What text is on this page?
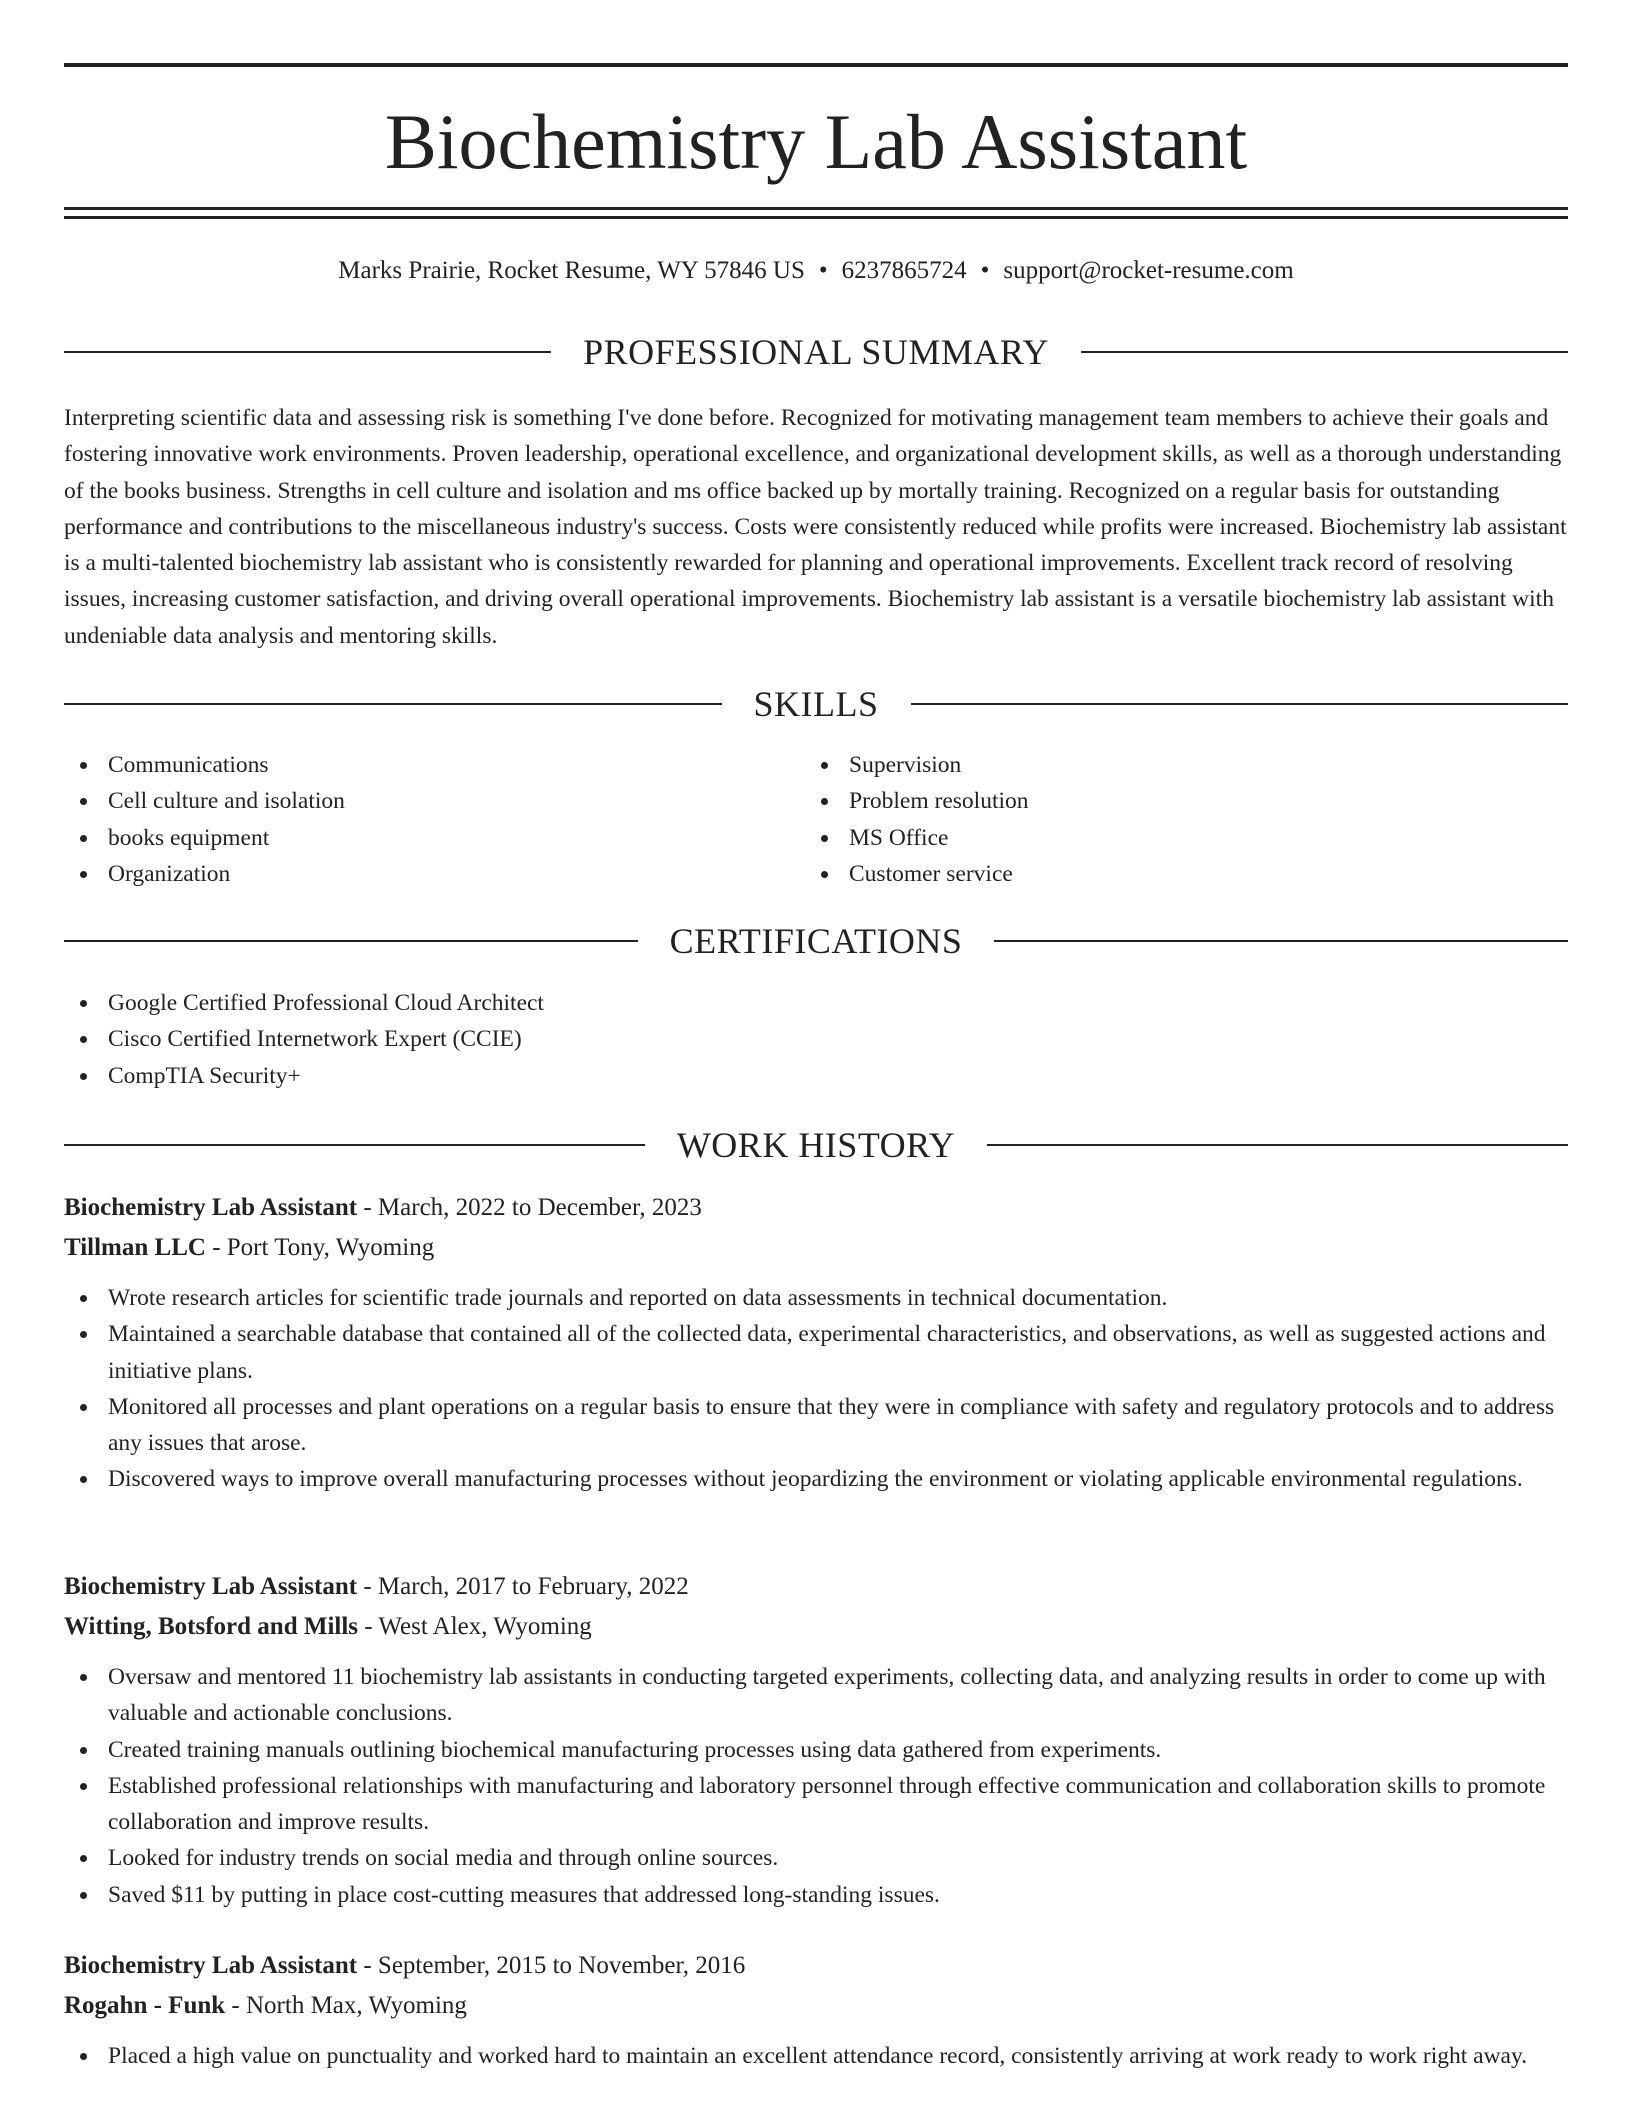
Biochemistry Lab Assistant
Marks Prairie, Rocket Resume, WY 57846 US • 6237865724 • support@rocket-resume.com
PROFESSIONAL SUMMARY

Interpreting scientific data and assessing risk is something I've done before. Recognized for motivating management team members to achieve their goals and fostering innovative work environments. Proven leadership, operational excellence, and organizational development skills, as well as a thorough understanding of the books business. Strengths in cell culture and isolation and ms office backed up by mortally training. Recognized on a regular basis for outstanding performance and contributions to the miscellaneous industry's success. Costs were consistently reduced while profits were increased. Biochemistry lab assistant is a multi-talented biochemistry lab assistant who is consistently rewarded for planning and operational improvements. Excellent track record of resolving issues, increasing customer satisfaction, and driving overall operational improvements. Biochemistry lab assistant is a versatile biochemistry lab assistant with undeniable data analysis and mentoring skills.

SKILLS
Communications
Cell culture and isolation
books equipment
Organization
Supervision
Problem resolution
MS Office
Customer service
CERTIFICATIONS
Google Certified Professional Cloud Architect
Cisco Certified Internetwork Expert (CCIE)
CompTIA Security+
WORK HISTORY
Biochemistry Lab Assistant - March, 2022 to December, 2023
Tillman LLC - Port Tony, Wyoming
Wrote research articles for scientific trade journals and reported on data assessments in technical documentation.
Maintained a searchable database that contained all of the collected data, experimental characteristics, and observations, as well as suggested actions and initiative plans.
Monitored all processes and plant operations on a regular basis to ensure that they were in compliance with safety and regulatory protocols and to address any issues that arose.
Discovered ways to improve overall manufacturing processes without jeopardizing the environment or violating applicable environmental regulations.
Biochemistry Lab Assistant - March, 2017 to February, 2022
Witting, Botsford and Mills - West Alex, Wyoming
Oversaw and mentored 11 biochemistry lab assistants in conducting targeted experiments, collecting data, and analyzing results in order to come up with valuable and actionable conclusions.
Created training manuals outlining biochemical manufacturing processes using data gathered from experiments.
Established professional relationships with manufacturing and laboratory personnel through effective communication and collaboration skills to promote collaboration and improve results.
Looked for industry trends on social media and through online sources.
Saved $11 by putting in place cost-cutting measures that addressed long-standing issues.
Biochemistry Lab Assistant - September, 2015 to November, 2016
Rogahn - Funk - North Max, Wyoming
Placed a high value on punctuality and worked hard to maintain an excellent attendance record, consistently arriving at work ready to work right away.
